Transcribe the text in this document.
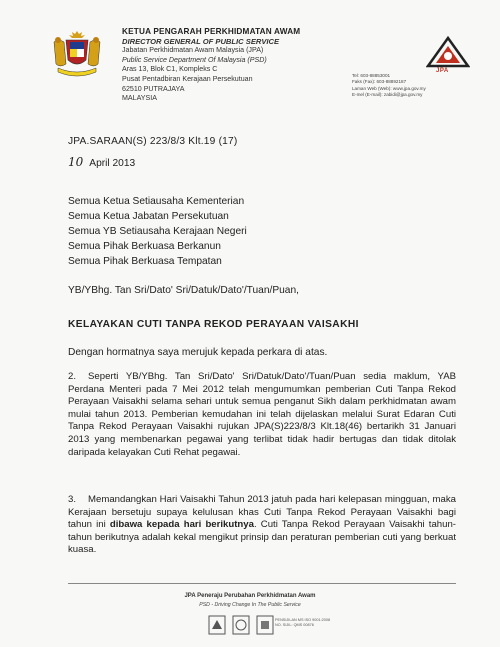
KETUA PENGARAH PERKHIDMATAN AWAM
DIRECTOR GENERAL OF PUBLIC SERVICE
Jabatan Perkhidmatan Awam Malaysia (JPA)
Public Service Department Of Malaysia (PSD)
Aras 13, Blok C1, Kompleks C
Pusat Pentadbiran Kerajaan Persekutuan
62510 PUTRAJAYA
MALAYSIA
JPA
Tel: 603-88853001
Faks (Fax): 603-88892187
Laman Web (Web): www.jpa.gov.my
E-mel (E-mail): zabidi@jpa.gov.my
JPA.SARAAN(S) 223/8/3 Klt.19 (17)
10 April 2013
Semua Ketua Setiausaha Kementerian
Semua Ketua Jabatan Persekutuan
Semua YB Setiausaha Kerajaan Negeri
Semua Pihak Berkuasa Berkanun
Semua Pihak Berkuasa Tempatan
YB/YBhg. Tan Sri/Dato' Sri/Datuk/Dato'/Tuan/Puan,
KELAYAKAN CUTI TANPA REKOD PERAYAAN VAISAKHI
Dengan hormatnya saya merujuk kepada perkara di atas.
2. Seperti YB/YBhg. Tan Sri/Dato' Sri/Datuk/Dato'/Tuan/Puan sedia maklum, YAB Perdana Menteri pada 7 Mei 2012 telah mengumumkan pemberian Cuti Tanpa Rekod Perayaan Vaisakhi selama sehari untuk semua penganut Sikh dalam perkhidmatan awam mulai tahun 2013. Pemberian kemudahan ini telah dijelaskan melalui Surat Edaran Cuti Tanpa Rekod Perayaan Vaisakhi rujukan JPA(S)223/8/3 Klt.18(46) bertarikh 31 Januari 2013 yang membenarkan pegawai yang terlibat tidak hadir bertugas dan tidak ditolak daripada kelayakan Cuti Rehat pegawai.
3. Memandangkan Hari Vaisakhi Tahun 2013 jatuh pada hari kelepasan mingguan, maka Kerajaan bersetuju supaya kelulusan khas Cuti Tanpa Rekod Perayaan Vaisakhi bagi tahun ini dibawa kepada hari berikutnya. Cuti Tanpa Rekod Perayaan Vaisakhi tahun-tahun berikutnya adalah kekal mengikut prinsip dan peraturan pemberian cuti yang berkuat kuasa.
JPA Peneraju Perubahan Perkhidmatan Awam
PSD - Driving Change In The Public Service
PENSIJILAN MS ISO 9001:2008
NO. SIJIL: QMS 00876
